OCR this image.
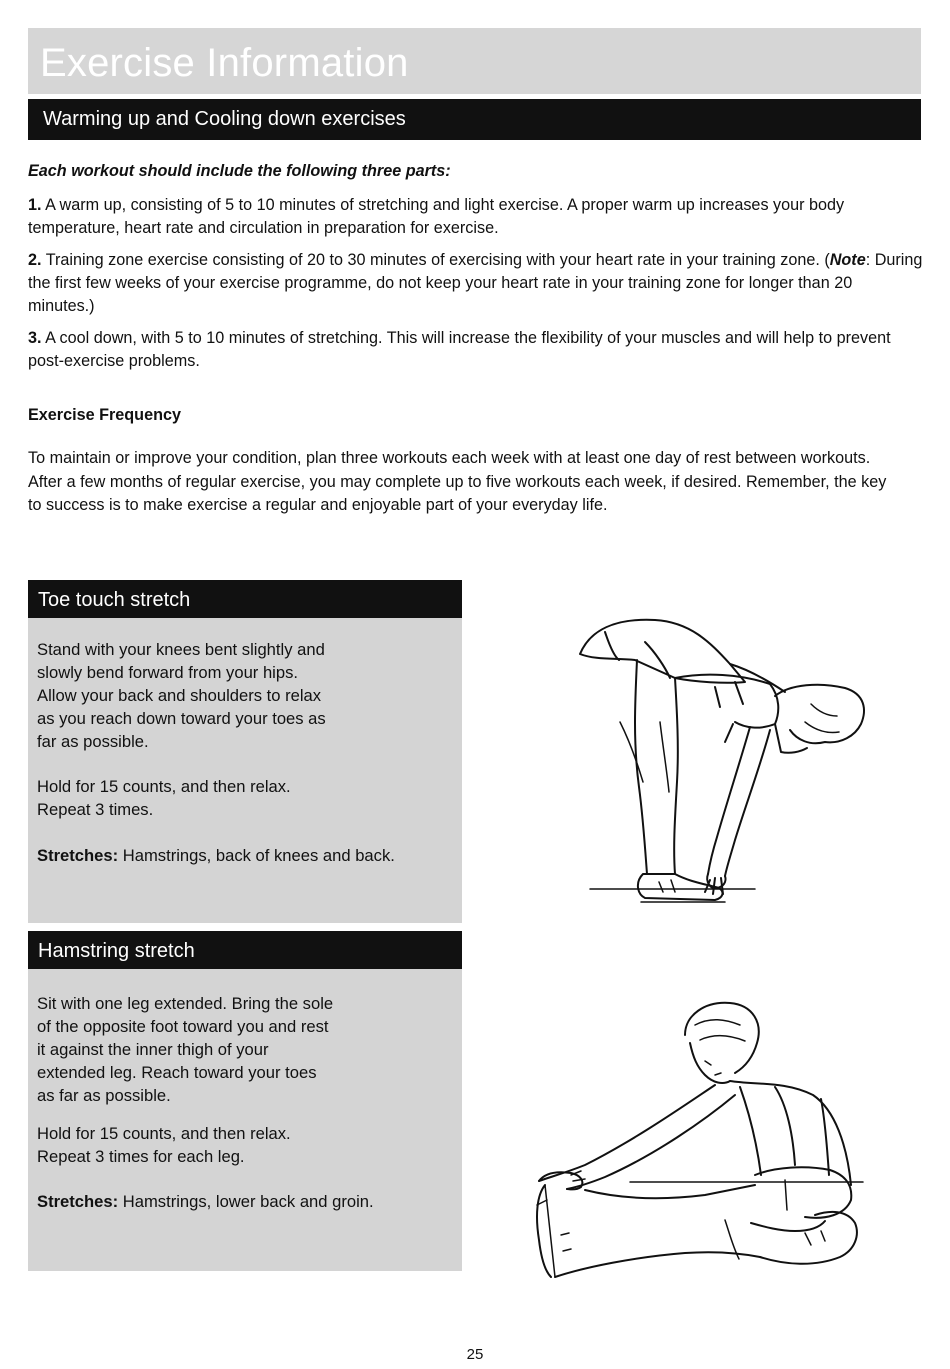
Exercise Information
Warming up and Cooling down exercises

Each workout should include the following three parts:

1. A warm up, consisting of 5 to 10 minutes of stretching and light exercise. A proper warm up increases your body temperature, heart rate and circulation in preparation for exercise.

2. Training zone exercise consisting of 20 to 30 minutes of exercising with your heart rate in your training zone. (Note: During the first few weeks of your exercise programme, do not keep your heart rate in your training zone for longer than 20 minutes.)

3. A cool down, with 5 to 10 minutes of stretching. This will increase the flexibility of your muscles and will help to prevent post-exercise problems.

Exercise Frequency

To maintain or improve your condition, plan three workouts each week with at least one day of rest between workouts. After a few months of regular exercise, you may complete up to five workouts each week, if desired. Remember, the key to success is to make exercise a regular and enjoyable part of your everyday life.

Toe touch stretch

Stand with your knees bent slightly and

slowly bend forward from your hips.

Allow your back and shoulders to relax

as you reach down toward your toes as

far as possible.

Hold for 15 counts, and then relax.

Repeat 3 times.

Stretches: Hamstrings, back of knees and back.

Hamstring stretch

Sit with one leg extended. Bring the sole

of the opposite foot toward you and rest

it against the inner thigh of your

extended leg. Reach toward your toes

as far as possible.

Hold for 15 counts, and then relax.

Repeat 3 times for each leg.

Stretches: Hamstrings, lower back and groin.

25
